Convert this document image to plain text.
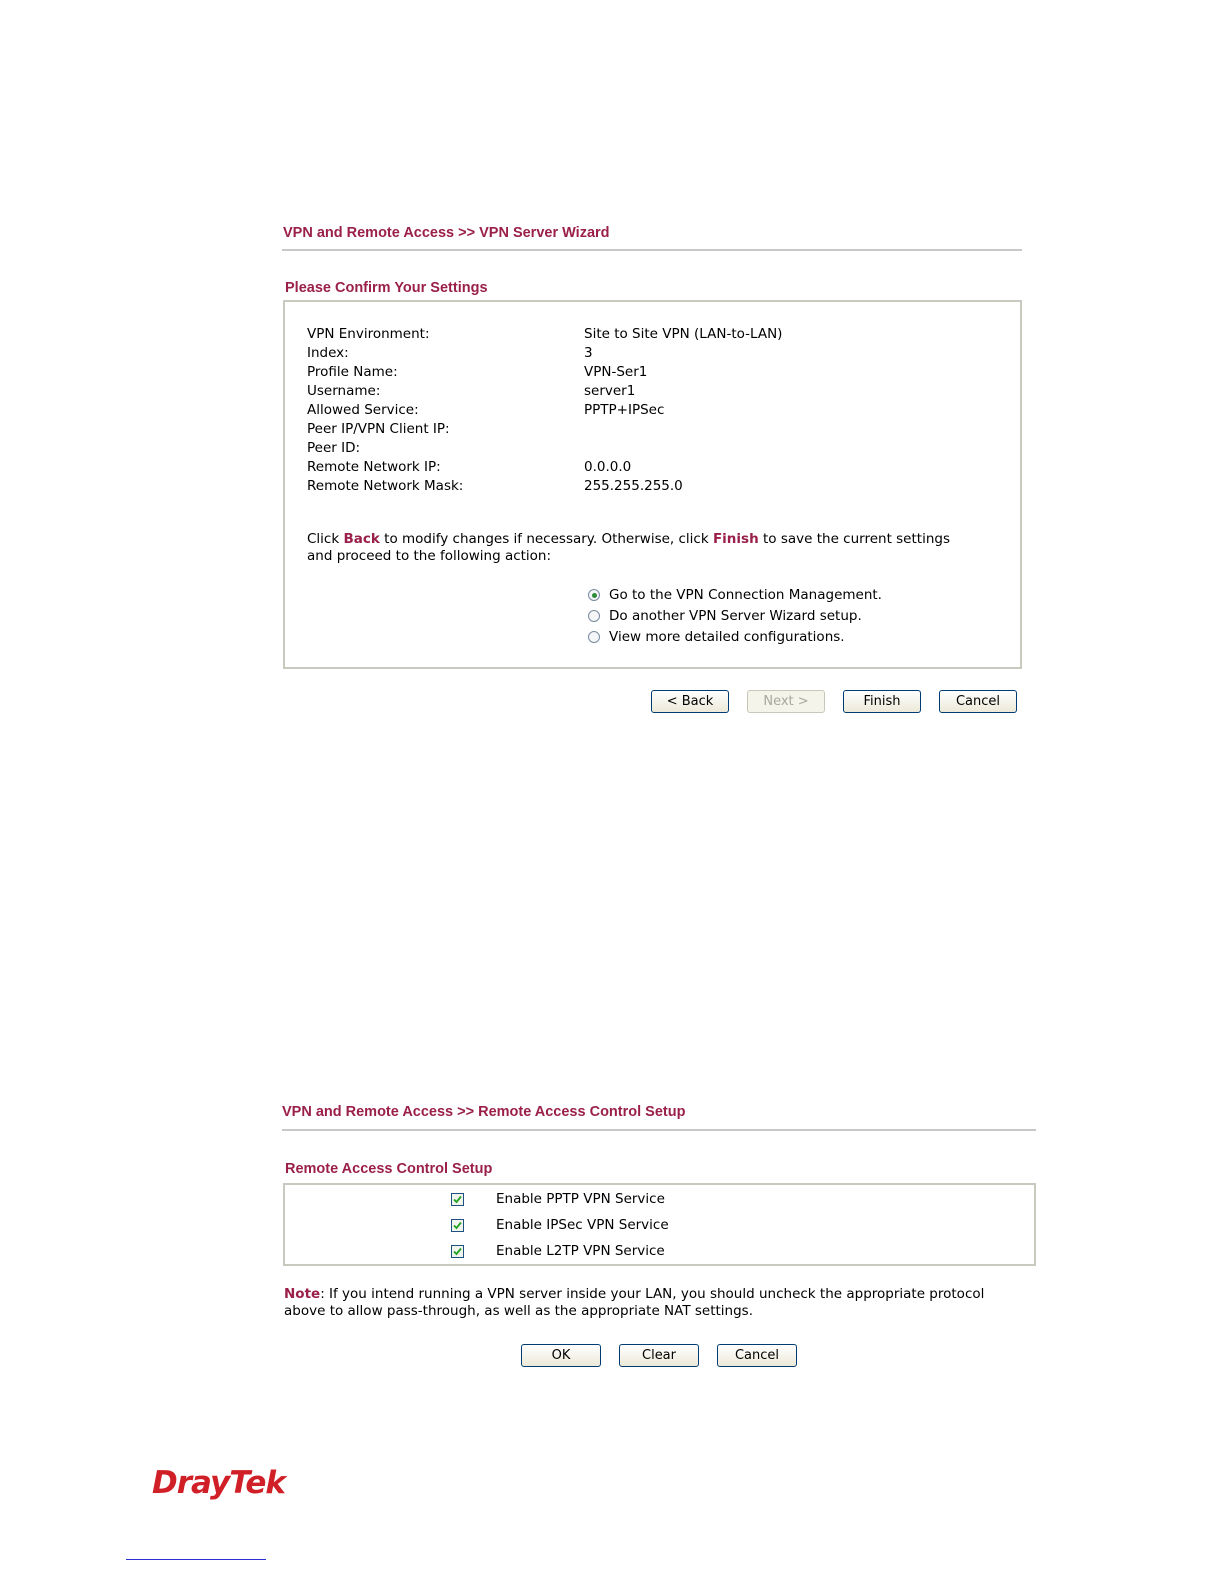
VPN and Remote Access >> VPN Server Wizard
Please Confirm Your Settings
VPN Environment:	Site to Site VPN (LAN-to-LAN)
Index:	3
Profile Name:	VPN-Ser1
Username:	server1
Allowed Service:	PPTP+IPSec
Peer IP/VPN Client IP:
Peer ID:
Remote Network IP:	0.0.0.0
Remote Network Mask:	255.255.255.0
Click Back to modify changes if necessary. Otherwise, click Finish to save the current settings
and proceed to the following action:
Go to the VPN Connection Management.
Do another VPN Server Wizard setup.
View more detailed configurations.
< Back	Next >	Finish	Cancel
VPN and Remote Access >> Remote Access Control Setup
Remote Access Control Setup
Enable PPTP VPN Service
Enable IPSec VPN Service
Enable L2TP VPN Service
Note: If you intend running a VPN server inside your LAN, you should uncheck the appropriate protocol
above to allow pass-through, as well as the appropriate NAT settings.
OK	Clear	Cancel
DrayTek
